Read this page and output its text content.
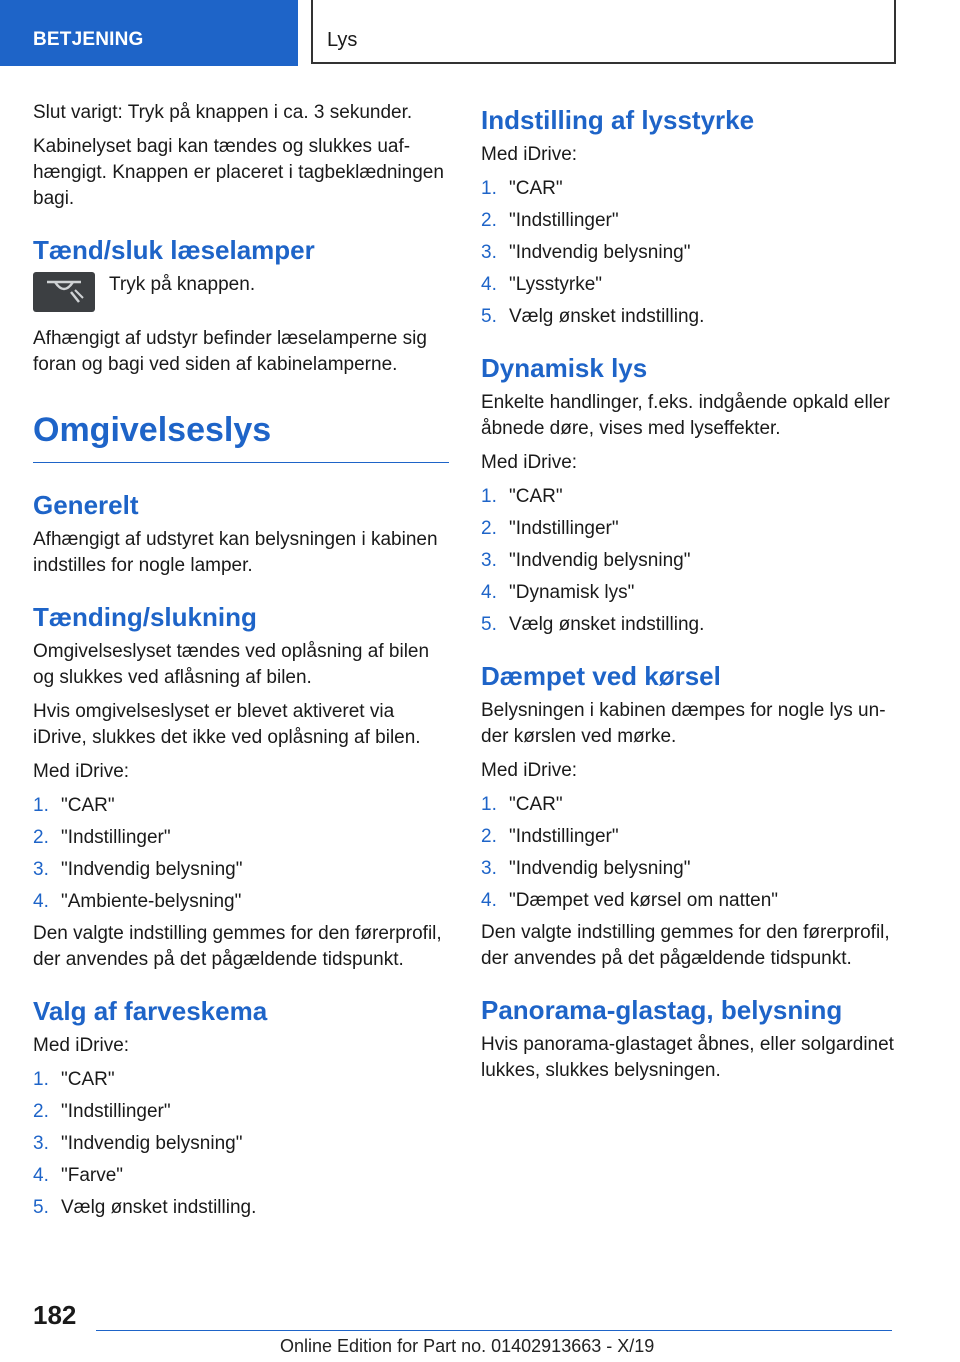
BETJENING	Lys

Slut varigt: Tryk på knappen i ca. 3 sekunder.

Kabinelyset bagi kan tændes og slukkes uafhængigt. Knappen er placeret i tagbeklædningen bagi.

Tænd/sluk læselamper

Tryk på knappen.

Afhængigt af udstyr befinder læselamperne sig foran og bagi ved siden af kabinelamperne.

Omgivelseslys
Generelt

Afhængigt af udstyret kan belysningen i kabinen indstilles for nogle lamper.

Tænding/slukning

Omgivelseslyset tændes ved oplåsning af bilen og slukkes ved aflåsning af bilen.

Hvis omgivelseslyset er blevet aktiveret via iDrive, slukkes det ikke ved oplåsning af bilen.

Med iDrive:

1. "CAR"
2. "Indstillinger"
3. "Indvendig belysning"
4. "Ambiente-belysning"

Den valgte indstilling gemmes for den førerprofil, der anvendes på det pågældende tidspunkt.

Valg af farveskema

Med iDrive:

1. "CAR"
2. "Indstillinger"
3. "Indvendig belysning"
4. "Farve"
5. Vælg ønsket indstilling.
Indstilling af lysstyrke

Med iDrive:

1. "CAR"
2. "Indstillinger"
3. "Indvendig belysning"
4. "Lysstyrke"
5. Vælg ønsket indstilling.
Dynamisk lys

Enkelte handlinger, f.eks. indgående opkald eller åbnede døre, vises med lyseffekter.

Med iDrive:

1. "CAR"
2. "Indstillinger"
3. "Indvendig belysning"
4. "Dynamisk lys"
5. Vælg ønsket indstilling.
Dæmpet ved kørsel

Belysningen i kabinen dæmpes for nogle lys under kørslen ved mørke.

Med iDrive:

1. "CAR"
2. "Indstillinger"
3. "Indvendig belysning"
4. "Dæmpet ved kørsel om natten"

Den valgte indstilling gemmes for den førerprofil, der anvendes på det pågældende tidspunkt.

Panorama-glastag, belysning

Hvis panorama-glastaget åbnes, eller solgardinet lukkes, slukkes belysningen.

182
Online Edition for Part no. 01402913663 - X/19
